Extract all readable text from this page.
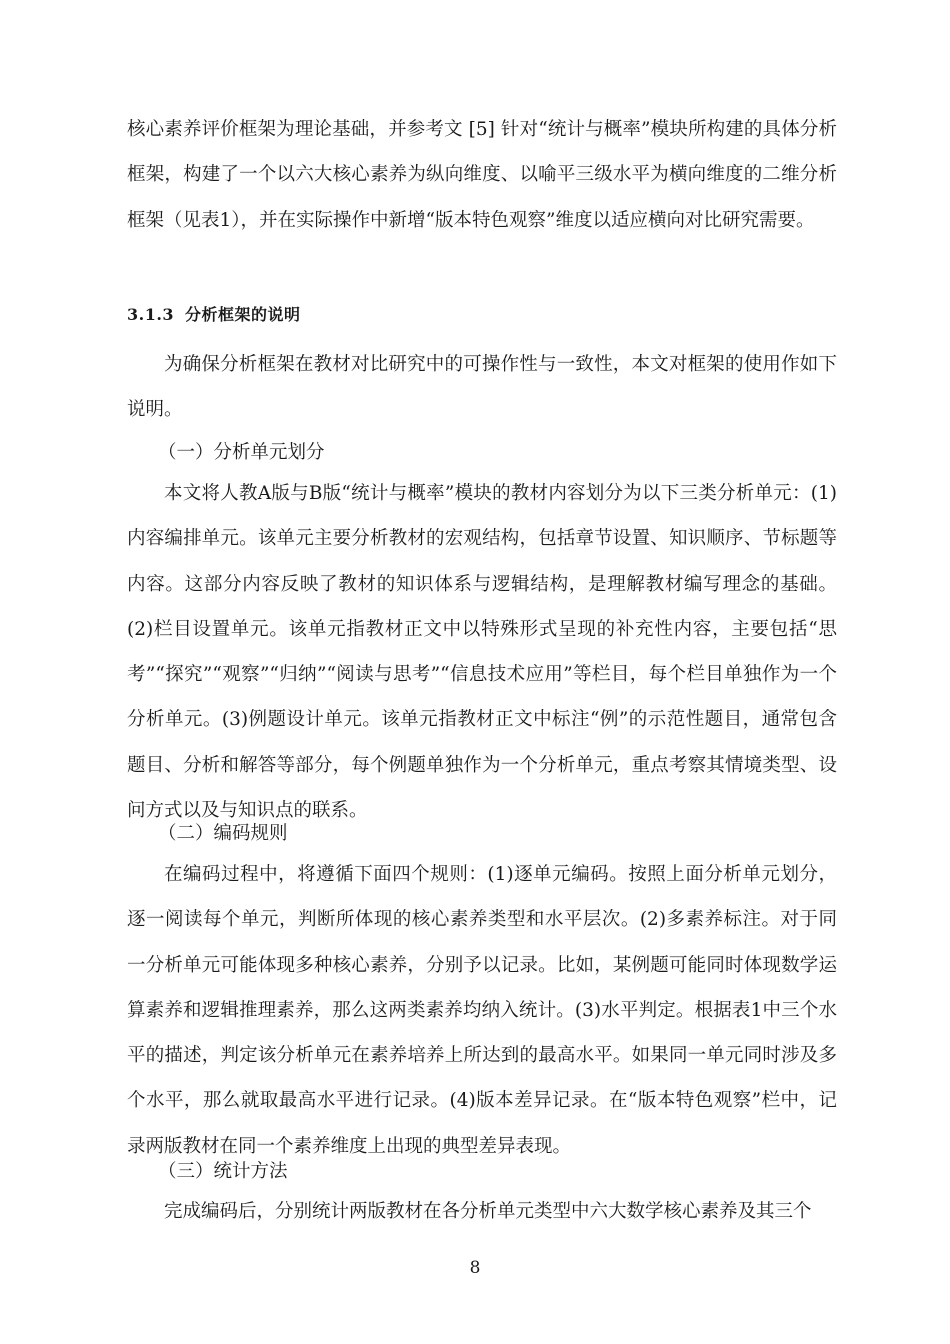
核心素养评价框架为理论基础，并参考文 [5] 针对“统计与概率”模块所构建的具体分析框架，构建了一个以六大核心素养为纵向维度、以喻平三级水平为横向维度的二维分析框架（见表1），并在实际操作中新增“版本特色观察”维度以适应横向对比研究需要。

3.1.3 分析框架的说明

为确保分析框架在教材对比研究中的可操作性与一致性，本文对框架的使用作如下说明。

（一）分析单元划分

本文将人教A版与B版“统计与概率”模块的教材内容划分为以下三类分析单元：(1)内容编排单元。该单元主要分析教材的宏观结构，包括章节设置、知识顺序、节标题等内容。这部分内容反映了教材的知识体系与逻辑结构，是理解教材编写理念的基础。(2)栏目设置单元。该单元指教材正文中以特殊形式呈现的补充性内容，主要包括“思考”“探究”“观察”“归纳”“阅读与思考”“信息技术应用”等栏目，每个栏目单独作为一个分析单元。(3)例题设计单元。该单元指教材正文中标注“例”的示范性题目，通常包含题目、分析和解答等部分，每个例题单独作为一个分析单元，重点考察其情境类型、设问方式以及与知识点的联系。

（二）编码规则

在编码过程中，将遵循下面四个规则：(1)逐单元编码。按照上面分析单元划分，逐一阅读每个单元，判断所体现的核心素养类型和水平层次。(2)多素养标注。对于同一分析单元可能体现多种核心素养，分别予以记录。比如，某例题可能同时体现数学运算素养和逻辑推理素养，那么这两类素养均纳入统计。(3)水平判定。根据表1中三个水平的描述，判定该分析单元在素养培养上所达到的最高水平。如果同一单元同时涉及多个水平，那么就取最高水平进行记录。(4)版本差异记录。在“版本特色观察”栏中，记录两版教材在同一个素养维度上出现的典型差异表现。

（三）统计方法

完成编码后，分别统计两版教材在各分析单元类型中六大数学核心素养及其三个

8
